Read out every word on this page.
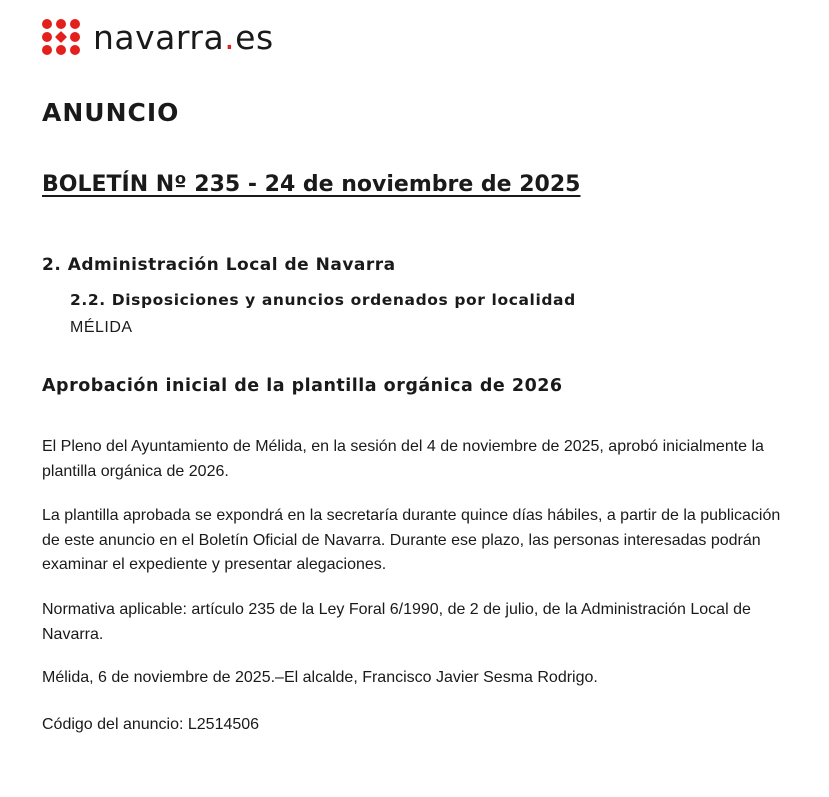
navarra.es
ANUNCIO
BOLETÍN Nº 235 - 24 de noviembre de 2025
2. Administración Local de Navarra
2.2. Disposiciones y anuncios ordenados por localidad
MÉLIDA
Aprobación inicial de la plantilla orgánica de 2026

El Pleno del Ayuntamiento de Mélida, en la sesión del 4 de noviembre de 2025, aprobó inicialmente la plantilla orgánica de 2026.

La plantilla aprobada se expondrá en la secretaría durante quince días hábiles, a partir de la publicación de este anuncio en el Boletín Oficial de Navarra. Durante ese plazo, las personas interesadas podrán examinar el expediente y presentar alegaciones.

Normativa aplicable: artículo 235 de la Ley Foral 6/1990, de 2 de julio, de la Administración Local de Navarra.

Mélida, 6 de noviembre de 2025.–El alcalde, Francisco Javier Sesma Rodrigo.

Código del anuncio: L2514506
